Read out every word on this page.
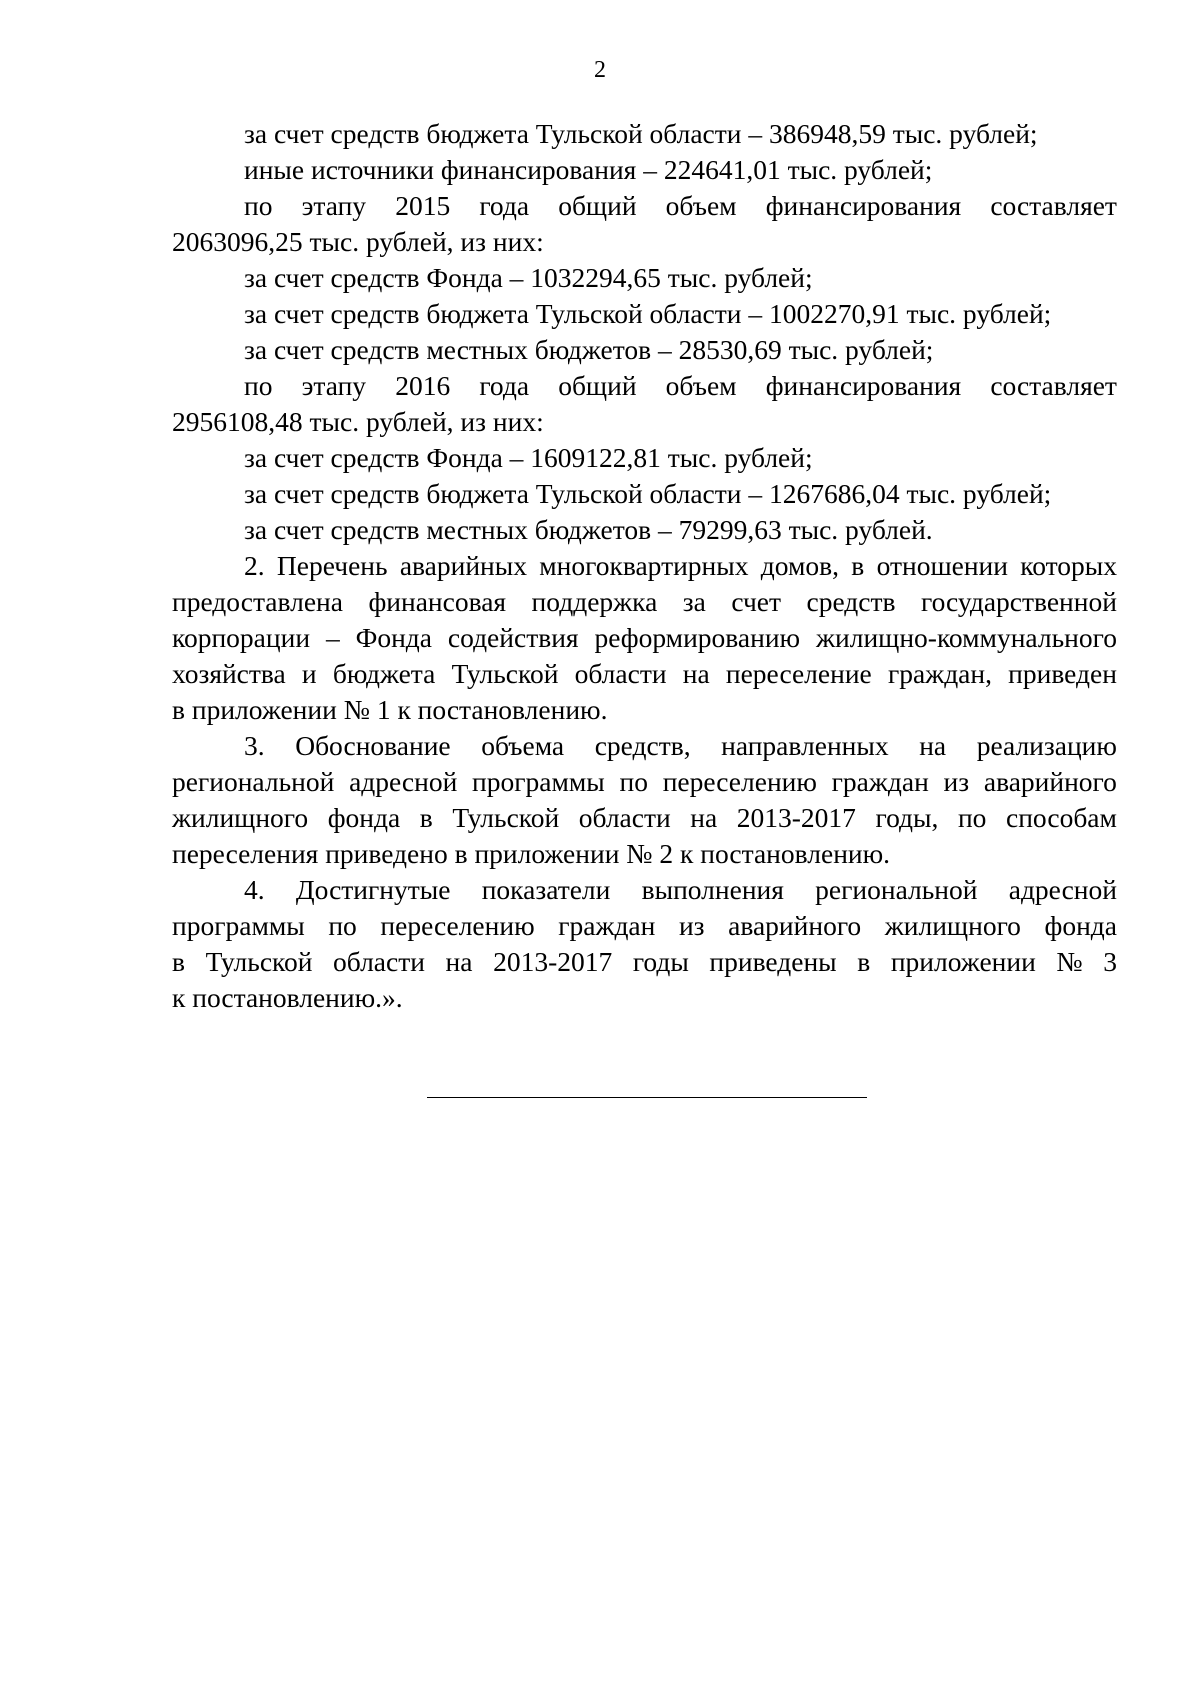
2
за счет средств бюджета Тульской области – 386948,59 тыс. рублей;
иные источники финансирования – 224641,01 тыс. рублей;
по этапу 2015 года общий объем финансирования составляет
2063096,25 тыс. рублей, из них:
за счет средств Фонда – 1032294,65 тыс. рублей;
за счет средств бюджета Тульской области – 1002270,91 тыс. рублей;
за счет средств местных бюджетов – 28530,69 тыс. рублей;
по этапу 2016 года общий объем финансирования составляет
2956108,48 тыс. рублей, из них:
за счет средств Фонда – 1609122,81 тыс. рублей;
за счет средств бюджета Тульской области – 1267686,04 тыс. рублей;
за счет средств местных бюджетов – 79299,63 тыс. рублей.
2. Перечень аварийных многоквартирных домов, в отношении которых
предоставлена финансовая поддержка за счет средств государственной
корпорации – Фонда содействия реформированию жилищно-коммунального
хозяйства и бюджета Тульской области на переселение граждан, приведен
в приложении № 1 к постановлению.
3. Обоснование объема средств, направленных на реализацию
региональной адресной программы по переселению граждан из аварийного
жилищного фонда в Тульской области на 2013-2017 годы, по способам
переселения приведено в приложении № 2 к постановлению.
4. Достигнутые показатели выполнения региональной адресной
программы по переселению граждан из аварийного жилищного фонда
в Тульской области на 2013-2017 годы приведены в приложении № 3
к постановлению.».
